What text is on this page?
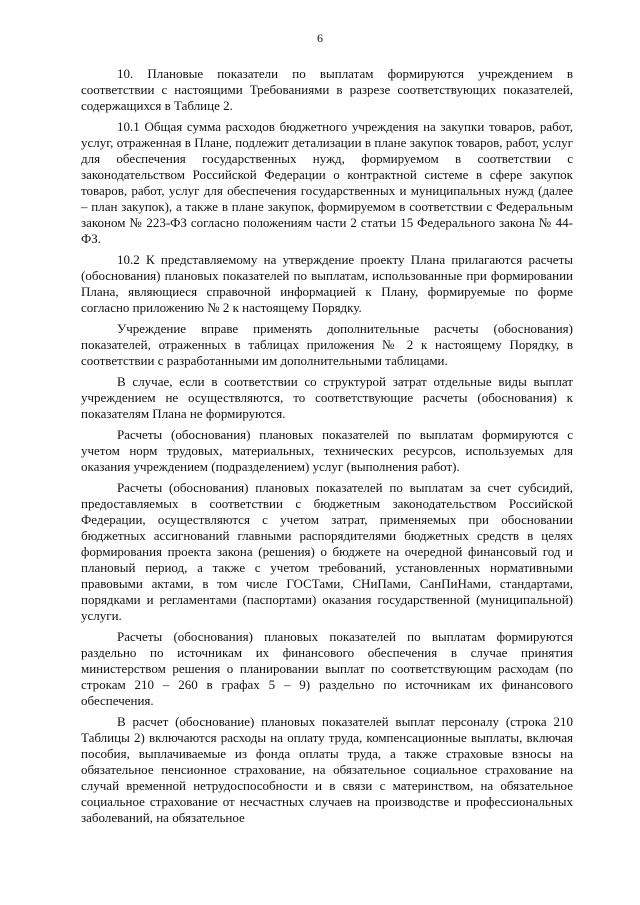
6

10. Плановые показатели по выплатам формируются учреждением в соответствии с настоящими Требованиями в разрезе соответствующих показателей, содержащихся в Таблице 2.

10.1 Общая сумма расходов бюджетного учреждения на закупки товаров, работ, услуг, отраженная в Плане, подлежит детализации в плане закупок товаров, работ, услуг для обеспечения государственных нужд, формируемом в соответствии с законодательством Российской Федерации о контрактной системе в сфере закупок товаров, работ, услуг для обеспечения государственных и муниципальных нужд (далее – план закупок), а также в плане закупок, формируемом в соответствии с Федеральным законом № 223-ФЗ согласно положениям части 2 статьи 15 Федерального закона № 44-ФЗ.

10.2 К представляемому на утверждение проекту Плана прилагаются расчеты (обоснования) плановых показателей по выплатам, использованные при формировании Плана, являющиеся справочной информацией к Плану, формируемые по форме согласно приложению № 2 к настоящему Порядку.

Учреждение вправе применять дополнительные расчеты (обоснования) показателей, отраженных в таблицах приложения № 2 к настоящему Порядку, в соответствии с разработанными им дополнительными таблицами.

В случае, если в соответствии со структурой затрат отдельные виды выплат учреждением не осуществляются, то соответствующие расчеты (обоснования) к показателям Плана не формируются.

Расчеты (обоснования) плановых показателей по выплатам формируются с учетом норм трудовых, материальных, технических ресурсов, используемых для оказания учреждением (подразделением) услуг (выполнения работ).

Расчеты (обоснования) плановых показателей по выплатам за счет субсидий, предоставляемых в соответствии с бюджетным законодательством Российской Федерации, осуществляются с учетом затрат, применяемых при обосновании бюджетных ассигнований главными распорядителями бюджетных средств в целях формирования проекта закона (решения) о бюджете на очередной финансовый год и плановый период, а также с учетом требований, установленных нормативными правовыми актами, в том числе ГОСТами, СНиПами, СанПиНами, стандартами, порядками и регламентами (паспортами) оказания государственной (муниципальной) услуги.

Расчеты (обоснования) плановых показателей по выплатам формируются раздельно по источникам их финансового обеспечения в случае принятия министерством решения о планировании выплат по соответствующим расходам (по строкам 210 – 260 в графах 5 – 9) раздельно по источникам их финансового обеспечения.

В расчет (обоснование) плановых показателей выплат персоналу (строка 210 Таблицы 2) включаются расходы на оплату труда, компенсационные выплаты, включая пособия, выплачиваемые из фонда оплаты труда, а также страховые взносы на обязательное пенсионное страхование, на обязательное социальное страхование на случай временной нетрудоспособности и в связи с материнством, на обязательное социальное страхование от несчастных случаев на производстве и профессиональных заболеваний, на обязательное
